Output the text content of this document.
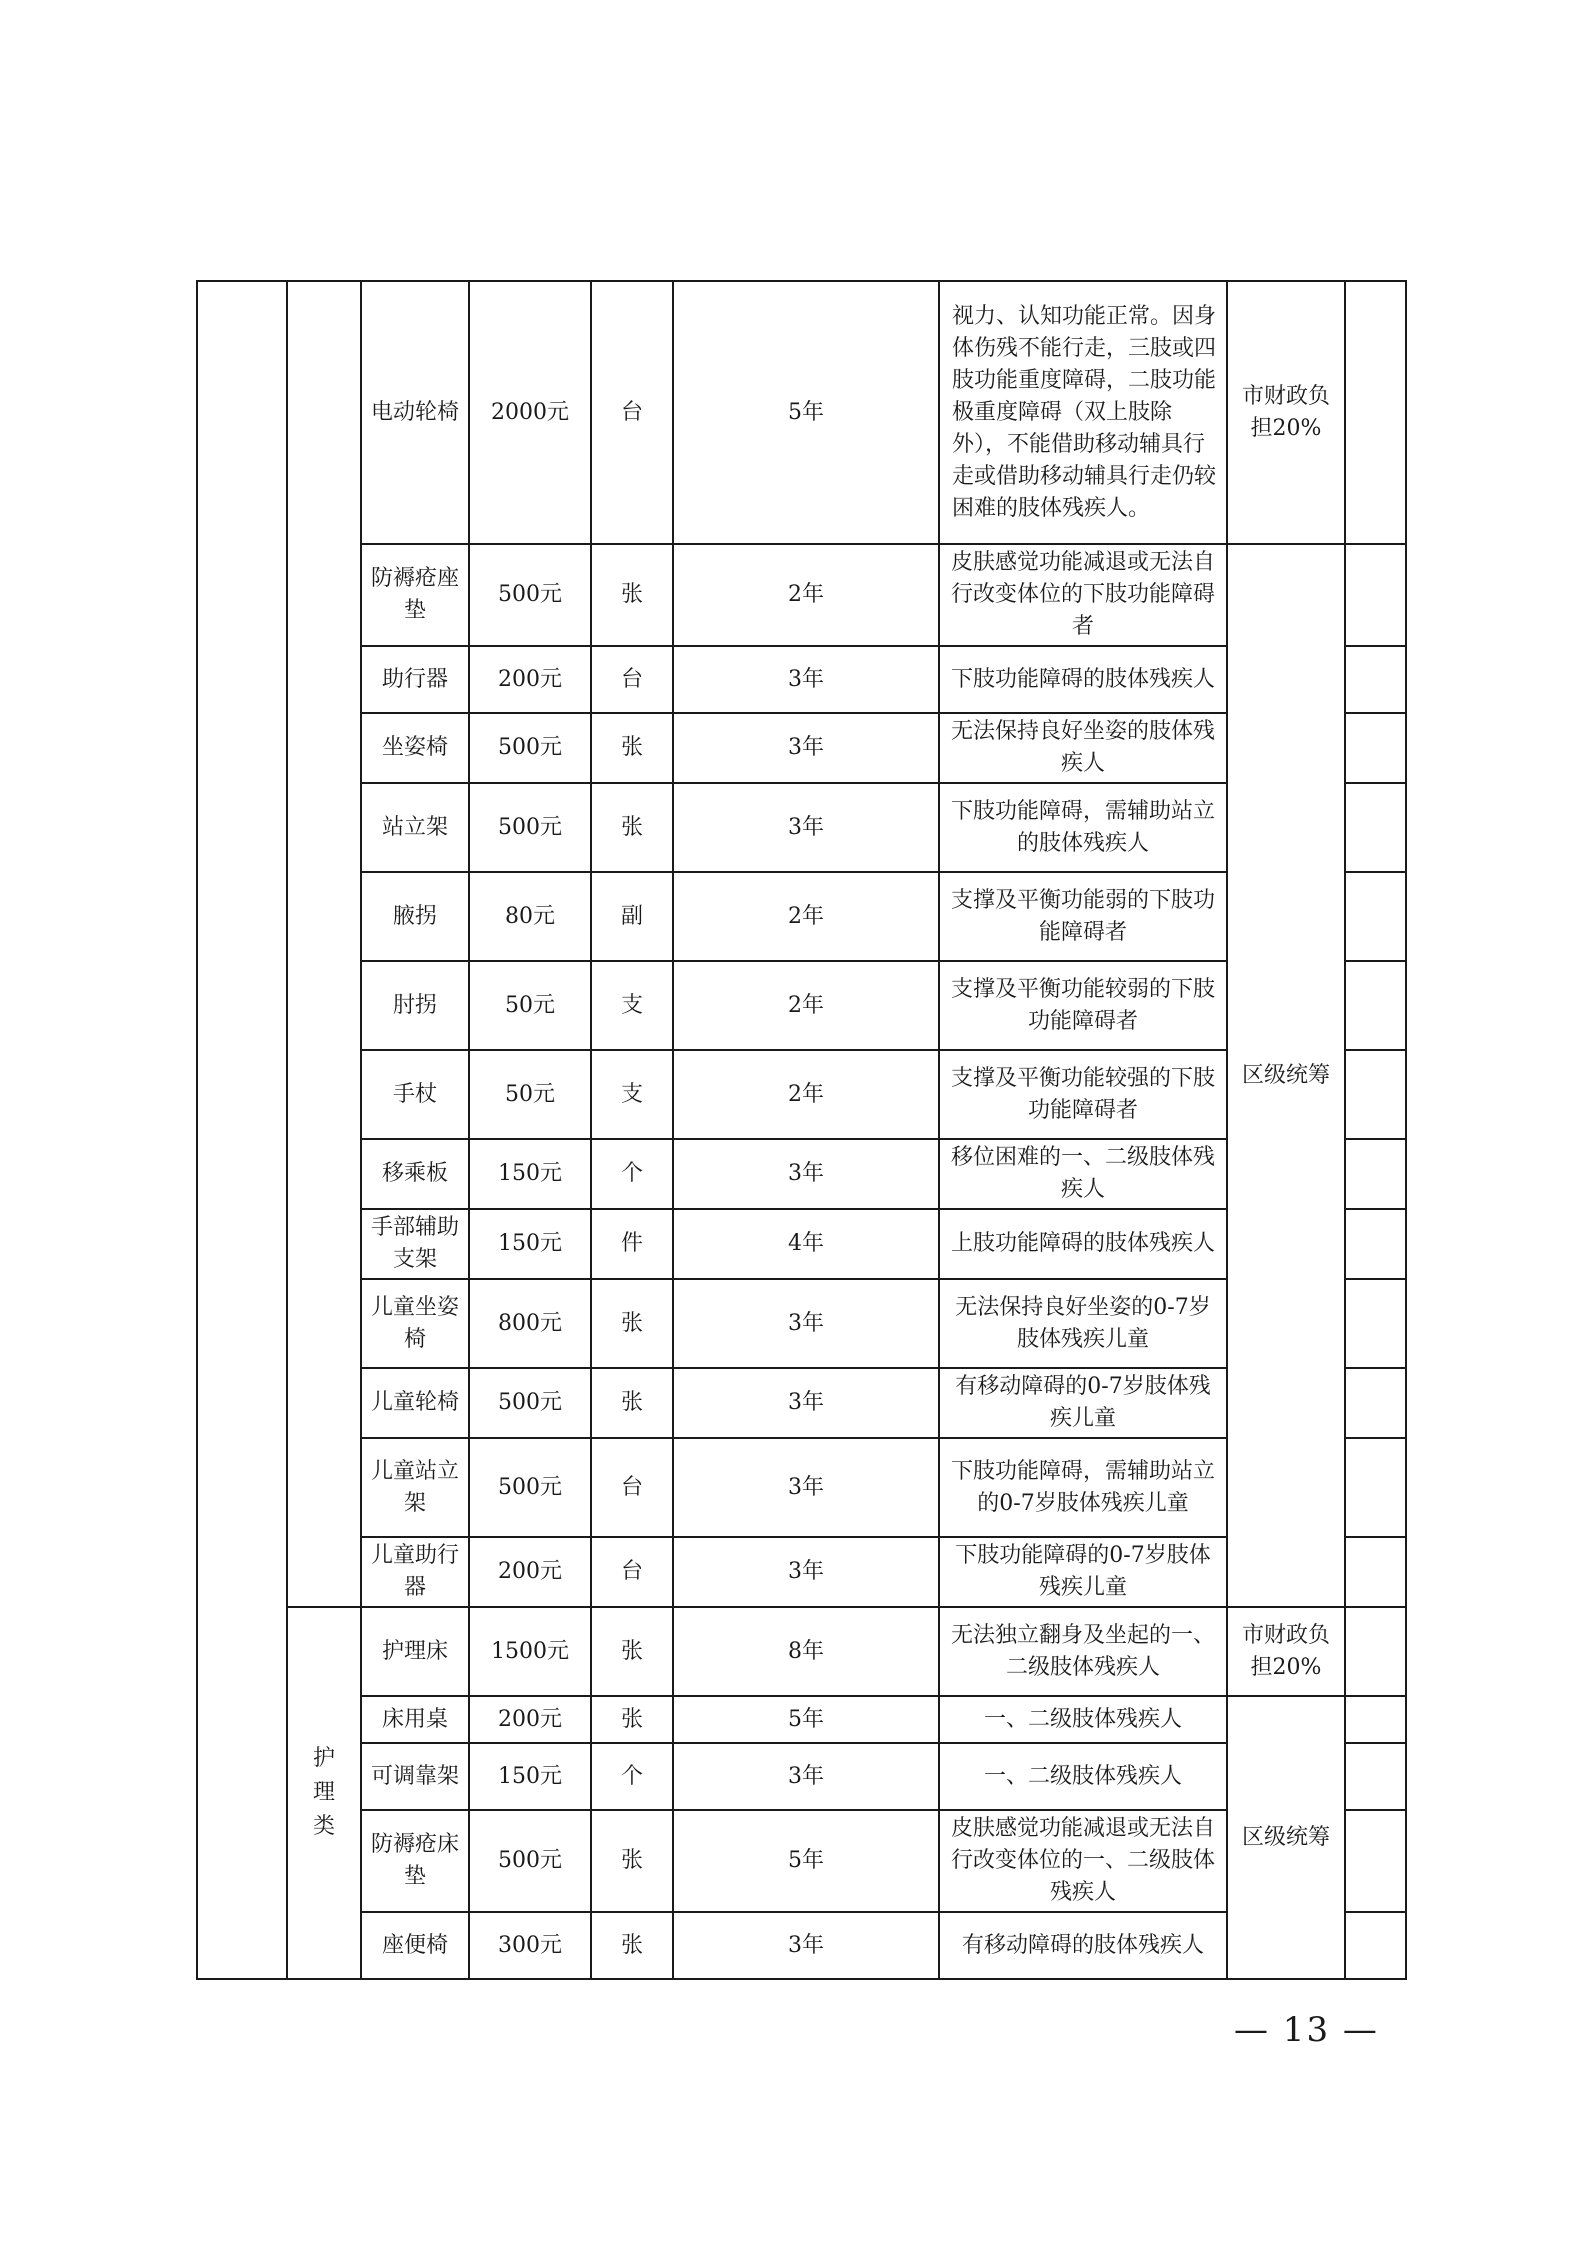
		电动轮椅	2000元	台	5年	视力、认知功能正常。因身体伤残不能行走，三肢或四肢功能重度障碍，二肢功能极重度障碍（双上肢除外），不能借助移动辅具行走或借助移动辅具行走仍较困难的肢体残疾人。	市财政负担20%	
		防褥疮座垫	500元	张	2年	皮肤感觉功能减退或无法自行改变体位的下肢功能障碍者	区级统筹	
		助行器	200元	台	3年	下肢功能障碍的肢体残疾人		
		坐姿椅	500元	张	3年	无法保持良好坐姿的肢体残疾人		
		站立架	500元	张	3年	下肢功能障碍，需辅助站立的肢体残疾人		
		腋拐	80元	副	2年	支撑及平衡功能弱的下肢功能障碍者		
		肘拐	50元	支	2年	支撑及平衡功能较弱的下肢功能障碍者		
		手杖	50元	支	2年	支撑及平衡功能较强的下肢功能障碍者		
		移乘板	150元	个	3年	移位困难的一、二级肢体残疾人		
		手部辅助支架	150元	件	4年	上肢功能障碍的肢体残疾人		
		儿童坐姿椅	800元	张	3年	无法保持良好坐姿的0-7岁肢体残疾儿童		
		儿童轮椅	500元	张	3年	有移动障碍的0-7岁肢体残疾儿童		
		儿童站立架	500元	台	3年	下肢功能障碍，需辅助站立的0-7岁肢体残疾儿童		
		儿童助行器	200元	台	3年	下肢功能障碍的0-7岁肢体残疾儿童		
	护理类	护理床	1500元	张	8年	无法独立翻身及坐起的一、二级肢体残疾人	市财政负担20%	
		床用桌	200元	张	5年	一、二级肢体残疾人	区级统筹	
		可调靠架	150元	个	3年	一、二级肢体残疾人		
		防褥疮床垫	500元	张	5年	皮肤感觉功能减退或无法自行改变体位的一、二级肢体残疾人		
		座便椅	300元	张	3年	有移动障碍的肢体残疾人		
— 13 —
